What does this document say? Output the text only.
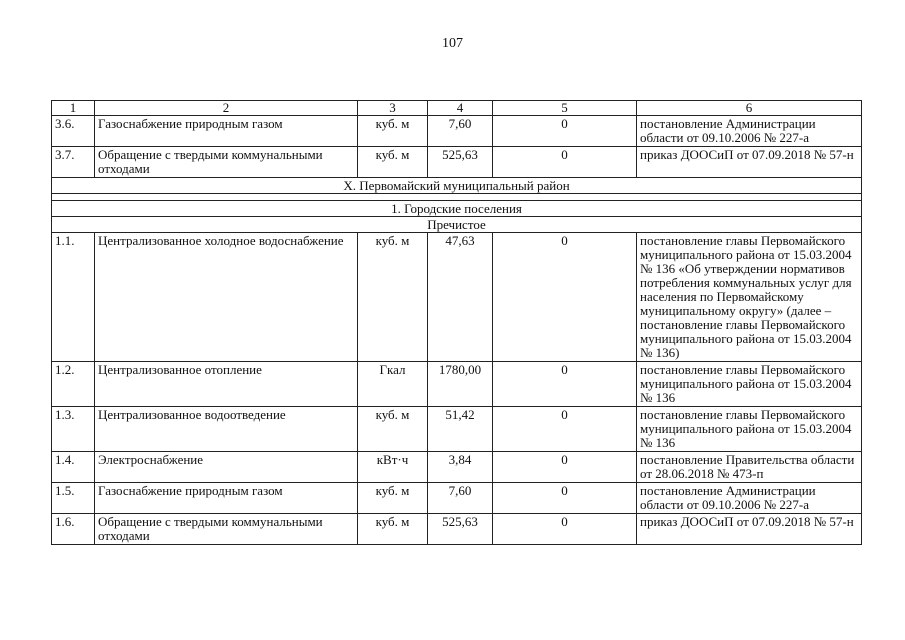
107
1	2	3	4	5	6
3.6.	Газоснабжение природным газом	куб. м	7,60	0	постановление Администрации области от 09.10.2006 № 227-а
3.7.	Обращение с твердыми коммунальными отходами	куб. м	525,63	0	приказ ДООСиП от 07.09.2018 № 57-н
X. Первомайский муниципальный район					

1. Городские поселения					
Пречистое					
1.1.	Централизованное холодное водоснабжение	куб. м	47,63	0	постановление главы Первомайского муниципального района от 15.03.2004 № 136 «Об утверждении нормативов потребления коммунальных услуг для населения по Первомайскому муниципальному округу» (далее – постановление главы Первомайского муниципального района от 15.03.2004 № 136)
1.2.	Централизованное отопление	Гкал	1780,00	0	постановление главы Первомайского муниципального района от 15.03.2004 № 136
1.3.	Централизованное водоотведение	куб. м	51,42	0	постановление главы Первомайского муниципального района от 15.03.2004 № 136
1.4.	Электроснабжение	кВт·ч	3,84	0	постановление Правительства области от 28.06.2018 № 473-п
1.5.	Газоснабжение природным газом	куб. м	7,60	0	постановление Администрации области от 09.10.2006 № 227-а
1.6.	Обращение с твердыми коммунальными отходами	куб. м	525,63	0	приказ ДООСиП от 07.09.2018 № 57-н
